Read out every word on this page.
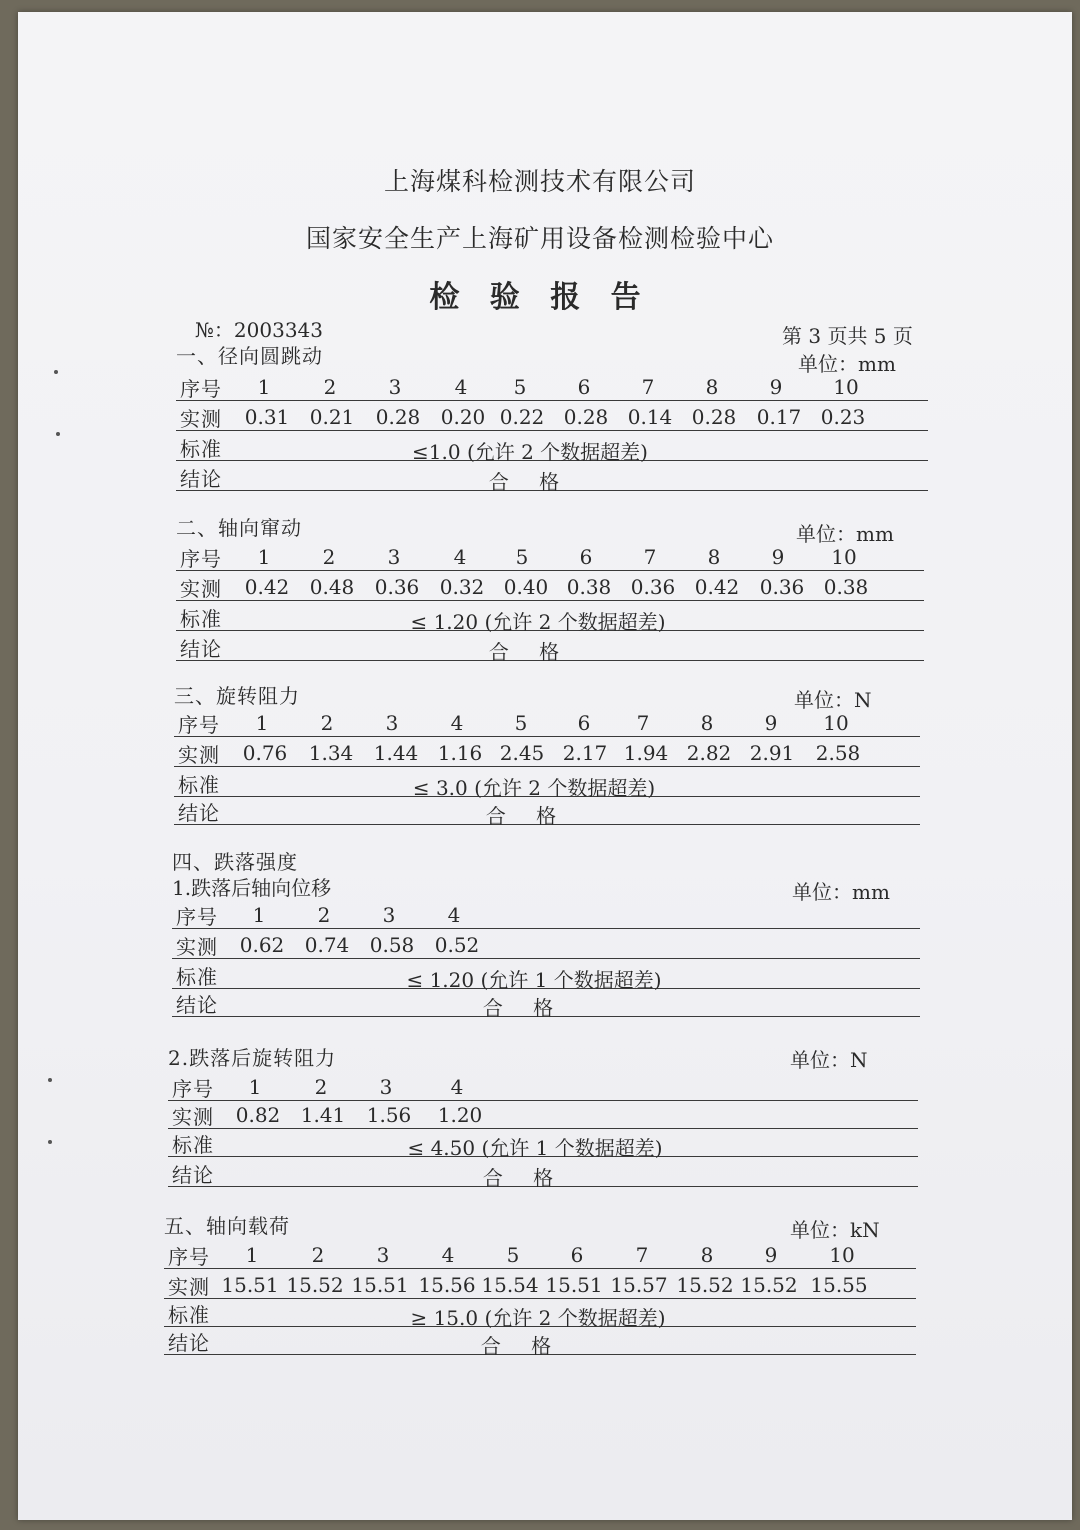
上海煤科检测技术有限公司
国家安全生产上海矿用设备检测检验中心
检 验 报 告
№：2003343	第 3 页共 5 页
一、径向圆跳动	单位：mm
序号 1	2	3	4 5	6	7	8	9	10
实测 0.31 0.21 0.28 0.20 0.22 0.28 0.14 0.28 0.17 0.23
标准	≤1.0 (允许 2 个数据超差)
结论	合 格
二、轴向窜动	单位：mm
序号 1	2	3	4 5	6	7	8	9 10
实测 0.42 0.48 0.36 0.32 0.40 0.38 0.36 0.42 0.36 0.38
标准	≤ 1.20 (允许 2 个数据超差)
结论	合 格
三、旋转阻力	单位：N
序号 1	2	3	4	5	6 7	8	9 10
实测 0.76 1.34 1.44 1.16 2.45 2.17 1.94 2.82 2.91 2.58
标准	≤ 3.0 (允许 2 个数据超差)
结论	合 格
四、跌落强度
1.跌落后轴向位移	单位：mm
序号 1	2	3	4
实测 0.62 0.74 0.58 0.52
标准	≤ 1.20 (允许 1 个数据超差)
结论	合 格
2.跌落后旋转阻力	单位：N
序号 1	2	3	4
实测 0.82 1.41 1.56 1.20
标准	≤ 4.50 (允许 1 个数据超差)
结论	合 格
五、轴向载荷	单位：kN
序号 1	2	3	4	5	6	7	8	9	10
实测 15.51 15.52 15.51 15.56 15.54 15.51 15.57 15.52 15.52 15.55
标准	≥ 15.0 (允许 2 个数据超差)
结论	合 格
